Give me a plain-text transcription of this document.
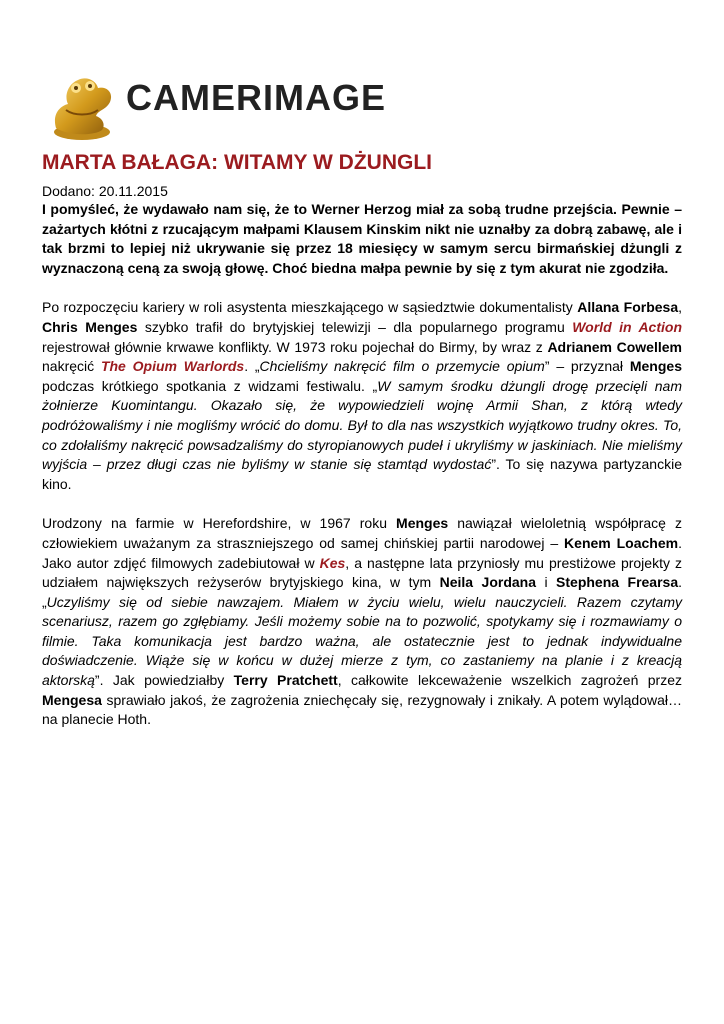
CAMERIMAGE
MARTA BAŁAGA: WITAMY W DŻUNGLI
Dodano: 20.11.2015

I pomyśleć, że wydawało nam się, że to Werner Herzog miał za sobą trudne przejścia. Pewnie – zażartych kłótni z rzucającym małpami Klausem Kinskim nikt nie uznałby za dobrą zabawę, ale i tak brzmi to lepiej niż ukrywanie się przez 18 miesięcy w samym sercu birmańskiej dżungli z wyznaczoną ceną za swoją głowę. Choć biedna małpa pewnie by się z tym akurat nie zgodziła.

Po rozpoczęciu kariery w roli asystenta mieszkającego w sąsiedztwie dokumentalisty Allana Forbesa, Chris Menges szybko trafił do brytyjskiej telewizji – dla popularnego programu World in Action rejestrował głównie krwawe konflikty. W 1973 roku pojechał do Birmy, by wraz z Adrianem Cowellem nakręcić The Opium Warlords. „Chcieliśmy nakręcić film o przemycie opium” – przyznał Menges podczas krótkiego spotkania z widzami festiwalu. „W samym środku dżungli drogę przecięli nam żołnierze Kuomintangu. Okazało się, że wypowiedzieli wojnę Armii Shan, z którą wtedy podróżowaliśmy i nie mogliśmy wrócić do domu. Był to dla nas wszystkich wyjątkowo trudny okres. To, co zdołaliśmy nakręcić powsadzaliśmy do styropianowych pudeł i ukryliśmy w jaskiniach. Nie mieliśmy wyjścia – przez długi czas nie byliśmy w stanie się stamtąd wydostać”. To się nazywa partyzanckie kino.

Urodzony na farmie w Herefordshire, w 1967 roku Menges nawiązał wieloletnią współpracę z człowiekiem uważanym za straszniejszego od samej chińskiej partii narodowej – Kenem Loachem. Jako autor zdjęć filmowych zadebiutował w Kes, a następne lata przyniosły mu prestiżowe projekty z udziałem największych reżyserów brytyjskiego kina, w tym Neila Jordana i Stephena Frearsa. „Uczyliśmy się od siebie nawzajem. Miałem w życiu wielu, wielu nauczycieli. Razem czytamy scenariusz, razem go zgłębiamy. Jeśli możemy sobie na to pozwolić, spotykamy się i rozmawiamy o filmie. Taka komunikacja jest bardzo ważna, ale ostatecznie jest to jednak indywidualne doświadczenie. Wiąże się w końcu w dużej mierze z tym, co zastaniemy na planie i z kreacją aktorską”. Jak powiedziałby Terry Pratchett, całkowite lekceważenie wszelkich zagrożeń przez Mengesa sprawiało jakoś, że zagrożenia zniechęcały się, rezygnowały i znikały. A potem wylądował… na planecie Hoth.
